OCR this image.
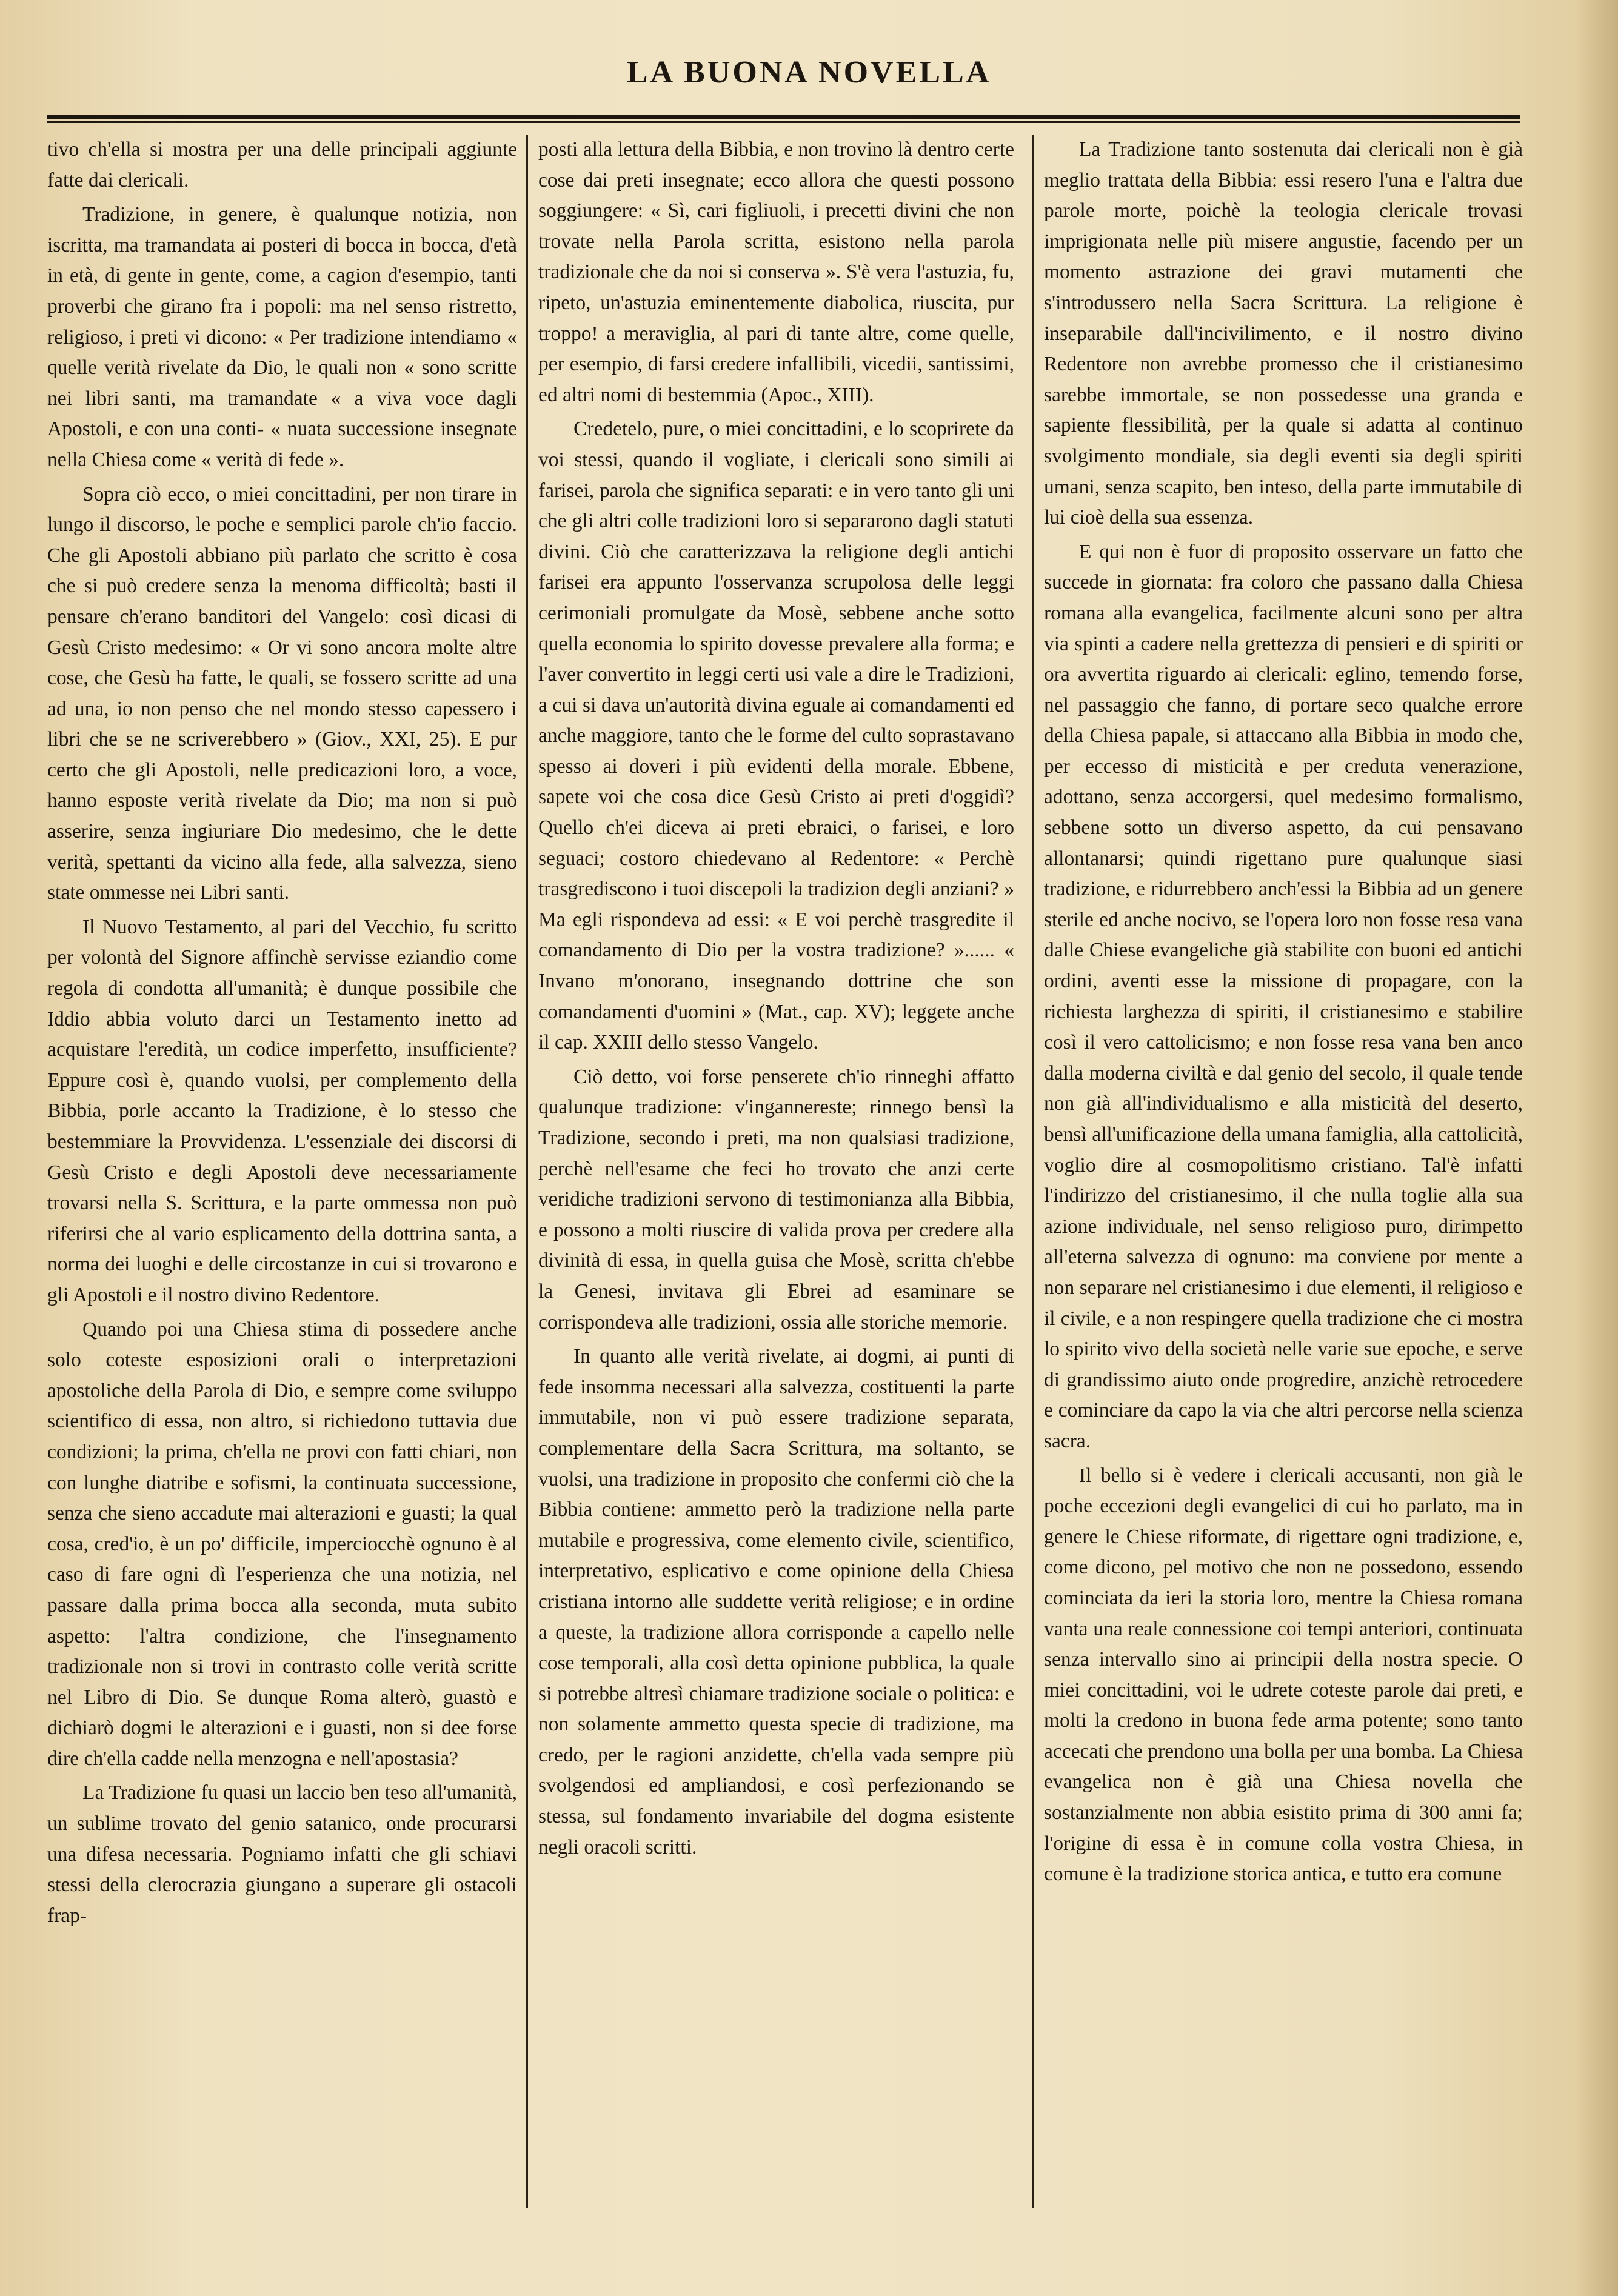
LA BUONA NOVELLA

tivo ch'ella si mostra per una delle principali aggiunte fatte dai clericali.

Tradizione, in genere, è qualunque notizia, non iscritta, ma tramandata ai posteri di bocca in bocca, d'età in età, di gente in gente, come, a cagion d'esempio, tanti proverbi che girano fra i popoli: ma nel senso ristretto, religioso, i preti vi dicono: « Per tradizione intendiamo « quelle verità rivelate da Dio, le quali non « sono scritte nei libri santi, ma tramandate « a viva voce dagli Apostoli, e con una conti- « nuata successione insegnate nella Chiesa come « verità di fede ».

Sopra ciò ecco, o miei concittadini, per non tirare in lungo il discorso, le poche e semplici parole ch'io faccio. Che gli Apostoli abbiano più parlato che scritto è cosa che si può credere senza la menoma difficoltà; basti il pensare ch'erano banditori del Vangelo: così dicasi di Gesù Cristo medesimo: « Or vi sono ancora molte altre cose, che Gesù ha fatte, le quali, se fossero scritte ad una ad una, io non penso che nel mondo stesso capessero i libri che se ne scriverebbero » (Giov., XXI, 25). E pur certo che gli Apostoli, nelle predicazioni loro, a voce, hanno esposte verità rivelate da Dio; ma non si può asserire, senza ingiuriare Dio medesimo, che le dette verità, spettanti da vicino alla fede, alla salvezza, sieno state ommesse nei Libri santi.

Il Nuovo Testamento, al pari del Vecchio, fu scritto per volontà del Signore affinchè servisse eziandio come regola di condotta all'umanità; è dunque possibile che Iddio abbia voluto darci un Testamento inetto ad acquistare l'eredità, un codice imperfetto, insufficiente? Eppure così è, quando vuolsi, per complemento della Bibbia, porle accanto la Tradizione, è lo stesso che bestemmiare la Provvidenza. L'essenziale dei discorsi di Gesù Cristo e degli Apostoli deve necessariamente trovarsi nella S. Scrittura, e la parte ommessa non può riferirsi che al vario esplicamento della dottrina santa, a norma dei luoghi e delle circostanze in cui si trovarono e gli Apostoli e il nostro divino Redentore.

Quando poi una Chiesa stima di possedere anche solo coteste esposizioni orali o interpretazioni apostoliche della Parola di Dio, e sempre come sviluppo scientifico di essa, non altro, si richiedono tuttavia due condizioni; la prima, ch'ella ne provi con fatti chiari, non con lunghe diatribe e sofismi, la continuata successione, senza che sieno accadute mai alterazioni e guasti; la qual cosa, cred'io, è un po' difficile, imperciocchè ognuno è al caso di fare ogni dì l'esperienza che una notizia, nel passare dalla prima bocca alla seconda, muta subito aspetto: l'altra condizione, che l'insegnamento tradizionale non si trovi in contrasto colle verità scritte nel Libro di Dio. Se dunque Roma alterò, guastò e dichiarò dogmi le alterazioni e i guasti, non si dee forse dire ch'ella cadde nella menzogna e nell'apostasia?

La Tradizione fu quasi un laccio ben teso all'umanità, un sublime trovato del genio satanico, onde procurarsi una difesa necessaria. Pogniamo infatti che gli schiavi stessi della clerocrazia giungano a superare gli ostacoli frap-

posti alla lettura della Bibbia, e non trovino là dentro certe cose dai preti insegnate; ecco allora che questi possono soggiungere: « Sì, cari figliuoli, i precetti divini che non trovate nella Parola scritta, esistono nella parola tradizionale che da noi si conserva ». S'è vera l'astuzia, fu, ripeto, un'astuzia eminentemente diabolica, riuscita, pur troppo! a meraviglia, al pari di tante altre, come quelle, per esempio, di farsi credere infallibili, vicedii, santissimi, ed altri nomi di bestemmia (Apoc., XIII).

Credetelo, pure, o miei concittadini, e lo scoprirete da voi stessi, quando il vogliate, i clericali sono simili ai farisei, parola che significa separati: e in vero tanto gli uni che gli altri colle tradizioni loro si separarono dagli statuti divini. Ciò che caratterizzava la religione degli antichi farisei era appunto l'osservanza scrupolosa delle leggi cerimoniali promulgate da Mosè, sebbene anche sotto quella economia lo spirito dovesse prevalere alla forma; e l'aver convertito in leggi certi usi vale a dire le Tradizioni, a cui si dava un'autorità divina eguale ai comandamenti ed anche maggiore, tanto che le forme del culto soprastavano spesso ai doveri i più evidenti della morale. Ebbene, sapete voi che cosa dice Gesù Cristo ai preti d'oggidì? Quello ch'ei diceva ai preti ebraici, o farisei, e loro seguaci; costoro chiedevano al Redentore: « Perchè trasgrediscono i tuoi discepoli la tradizion degli anziani? » Ma egli rispondeva ad essi: « E voi perchè trasgredite il comandamento di Dio per la vostra tradizione? »...... « Invano m'onorano, insegnando dottrine che son comandamenti d'uomini » (Mat., cap. XV); leggete anche il cap. XXIII dello stesso Vangelo.

Ciò detto, voi forse penserete ch'io rinneghi affatto qualunque tradizione: v'ingannereste; rinnego bensì la Tradizione, secondo i preti, ma non qualsiasi tradizione, perchè nell'esame che feci ho trovato che anzi certe veridiche tradizioni servono di testimonianza alla Bibbia, e possono a molti riuscire di valida prova per credere alla divinità di essa, in quella guisa che Mosè, scritta ch'ebbe la Genesi, invitava gli Ebrei ad esaminare se corrispondeva alle tradizioni, ossia alle storiche memorie.

In quanto alle verità rivelate, ai dogmi, ai punti di fede insomma necessari alla salvezza, costituenti la parte immutabile, non vi può essere tradizione separata, complementare della Sacra Scrittura, ma soltanto, se vuolsi, una tradizione in proposito che confermi ciò che la Bibbia contiene: ammetto però la tradizione nella parte mutabile e progressiva, come elemento civile, scientifico, interpretativo, esplicativo e come opinione della Chiesa cristiana intorno alle suddette verità religiose; e in ordine a queste, la tradizione allora corrisponde a capello nelle cose temporali, alla così detta opinione pubblica, la quale si potrebbe altresì chiamare tradizione sociale o politica: e non solamente ammetto questa specie di tradizione, ma credo, per le ragioni anzidette, ch'ella vada sempre più svolgendosi ed ampliandosi, e così perfezionando se stessa, sul fondamento invariabile del dogma esistente negli oracoli scritti.

La Tradizione tanto sostenuta dai clericali non è già meglio trattata della Bibbia: essi resero l'una e l'altra due parole morte, poichè la teologia clericale trovasi imprigionata nelle più misere angustie, facendo per un momento astrazione dei gravi mutamenti che s'introdussero nella Sacra Scrittura. La religione è inseparabile dall'incivilimento, e il nostro divino Redentore non avrebbe promesso che il cristianesimo sarebbe immortale, se non possedesse una granda e sapiente flessibilità, per la quale si adatta al continuo svolgimento mondiale, sia degli eventi sia degli spiriti umani, senza scapito, ben inteso, della parte immutabile di lui cioè della sua essenza.

E qui non è fuor di proposito osservare un fatto che succede in giornata: fra coloro che passano dalla Chiesa romana alla evangelica, facilmente alcuni sono per altra via spinti a cadere nella grettezza di pensieri e di spiriti or ora avvertita riguardo ai clericali: eglino, temendo forse, nel passaggio che fanno, di portare seco qualche errore della Chiesa papale, si attaccano alla Bibbia in modo che, per eccesso di misticità e per creduta venerazione, adottano, senza accorgersi, quel medesimo formalismo, sebbene sotto un diverso aspetto, da cui pensavano allontanarsi; quindi rigettano pure qualunque siasi tradizione, e ridurrebbero anch'essi la Bibbia ad un genere sterile ed anche nocivo, se l'opera loro non fosse resa vana dalle Chiese evangeliche già stabilite con buoni ed antichi ordini, aventi esse la missione di propagare, con la richiesta larghezza di spiriti, il cristianesimo e stabilire così il vero cattolicismo; e non fosse resa vana ben anco dalla moderna civiltà e dal genio del secolo, il quale tende non già all'individualismo e alla misticità del deserto, bensì all'unificazione della umana famiglia, alla cattolicità, voglio dire al cosmopolitismo cristiano. Tal'è infatti l'indirizzo del cristianesimo, il che nulla toglie alla sua azione individuale, nel senso religioso puro, dirimpetto all'eterna salvezza di ognuno: ma conviene por mente a non separare nel cristianesimo i due elementi, il religioso e il civile, e a non respingere quella tradizione che ci mostra lo spirito vivo della società nelle varie sue epoche, e serve di grandissimo aiuto onde progredire, anzichè retrocedere e cominciare da capo la via che altri percorse nella scienza sacra.

Il bello si è vedere i clericali accusanti, non già le poche eccezioni degli evangelici di cui ho parlato, ma in genere le Chiese riformate, di rigettare ogni tradizione, e, come dicono, pel motivo che non ne possedono, essendo cominciata da ieri la storia loro, mentre la Chiesa romana vanta una reale connessione coi tempi anteriori, continuata senza intervallo sino ai principii della nostra specie. O miei concittadini, voi le udrete coteste parole dai preti, e molti la credono in buona fede arma potente; sono tanto accecati che prendono una bolla per una bomba. La Chiesa evangelica non è già una Chiesa novella che sostanzialmente non abbia esistito prima di 300 anni fa; l'origine di essa è in comune colla vostra Chiesa, in comune è la tradizione storica antica, e tutto era comune
